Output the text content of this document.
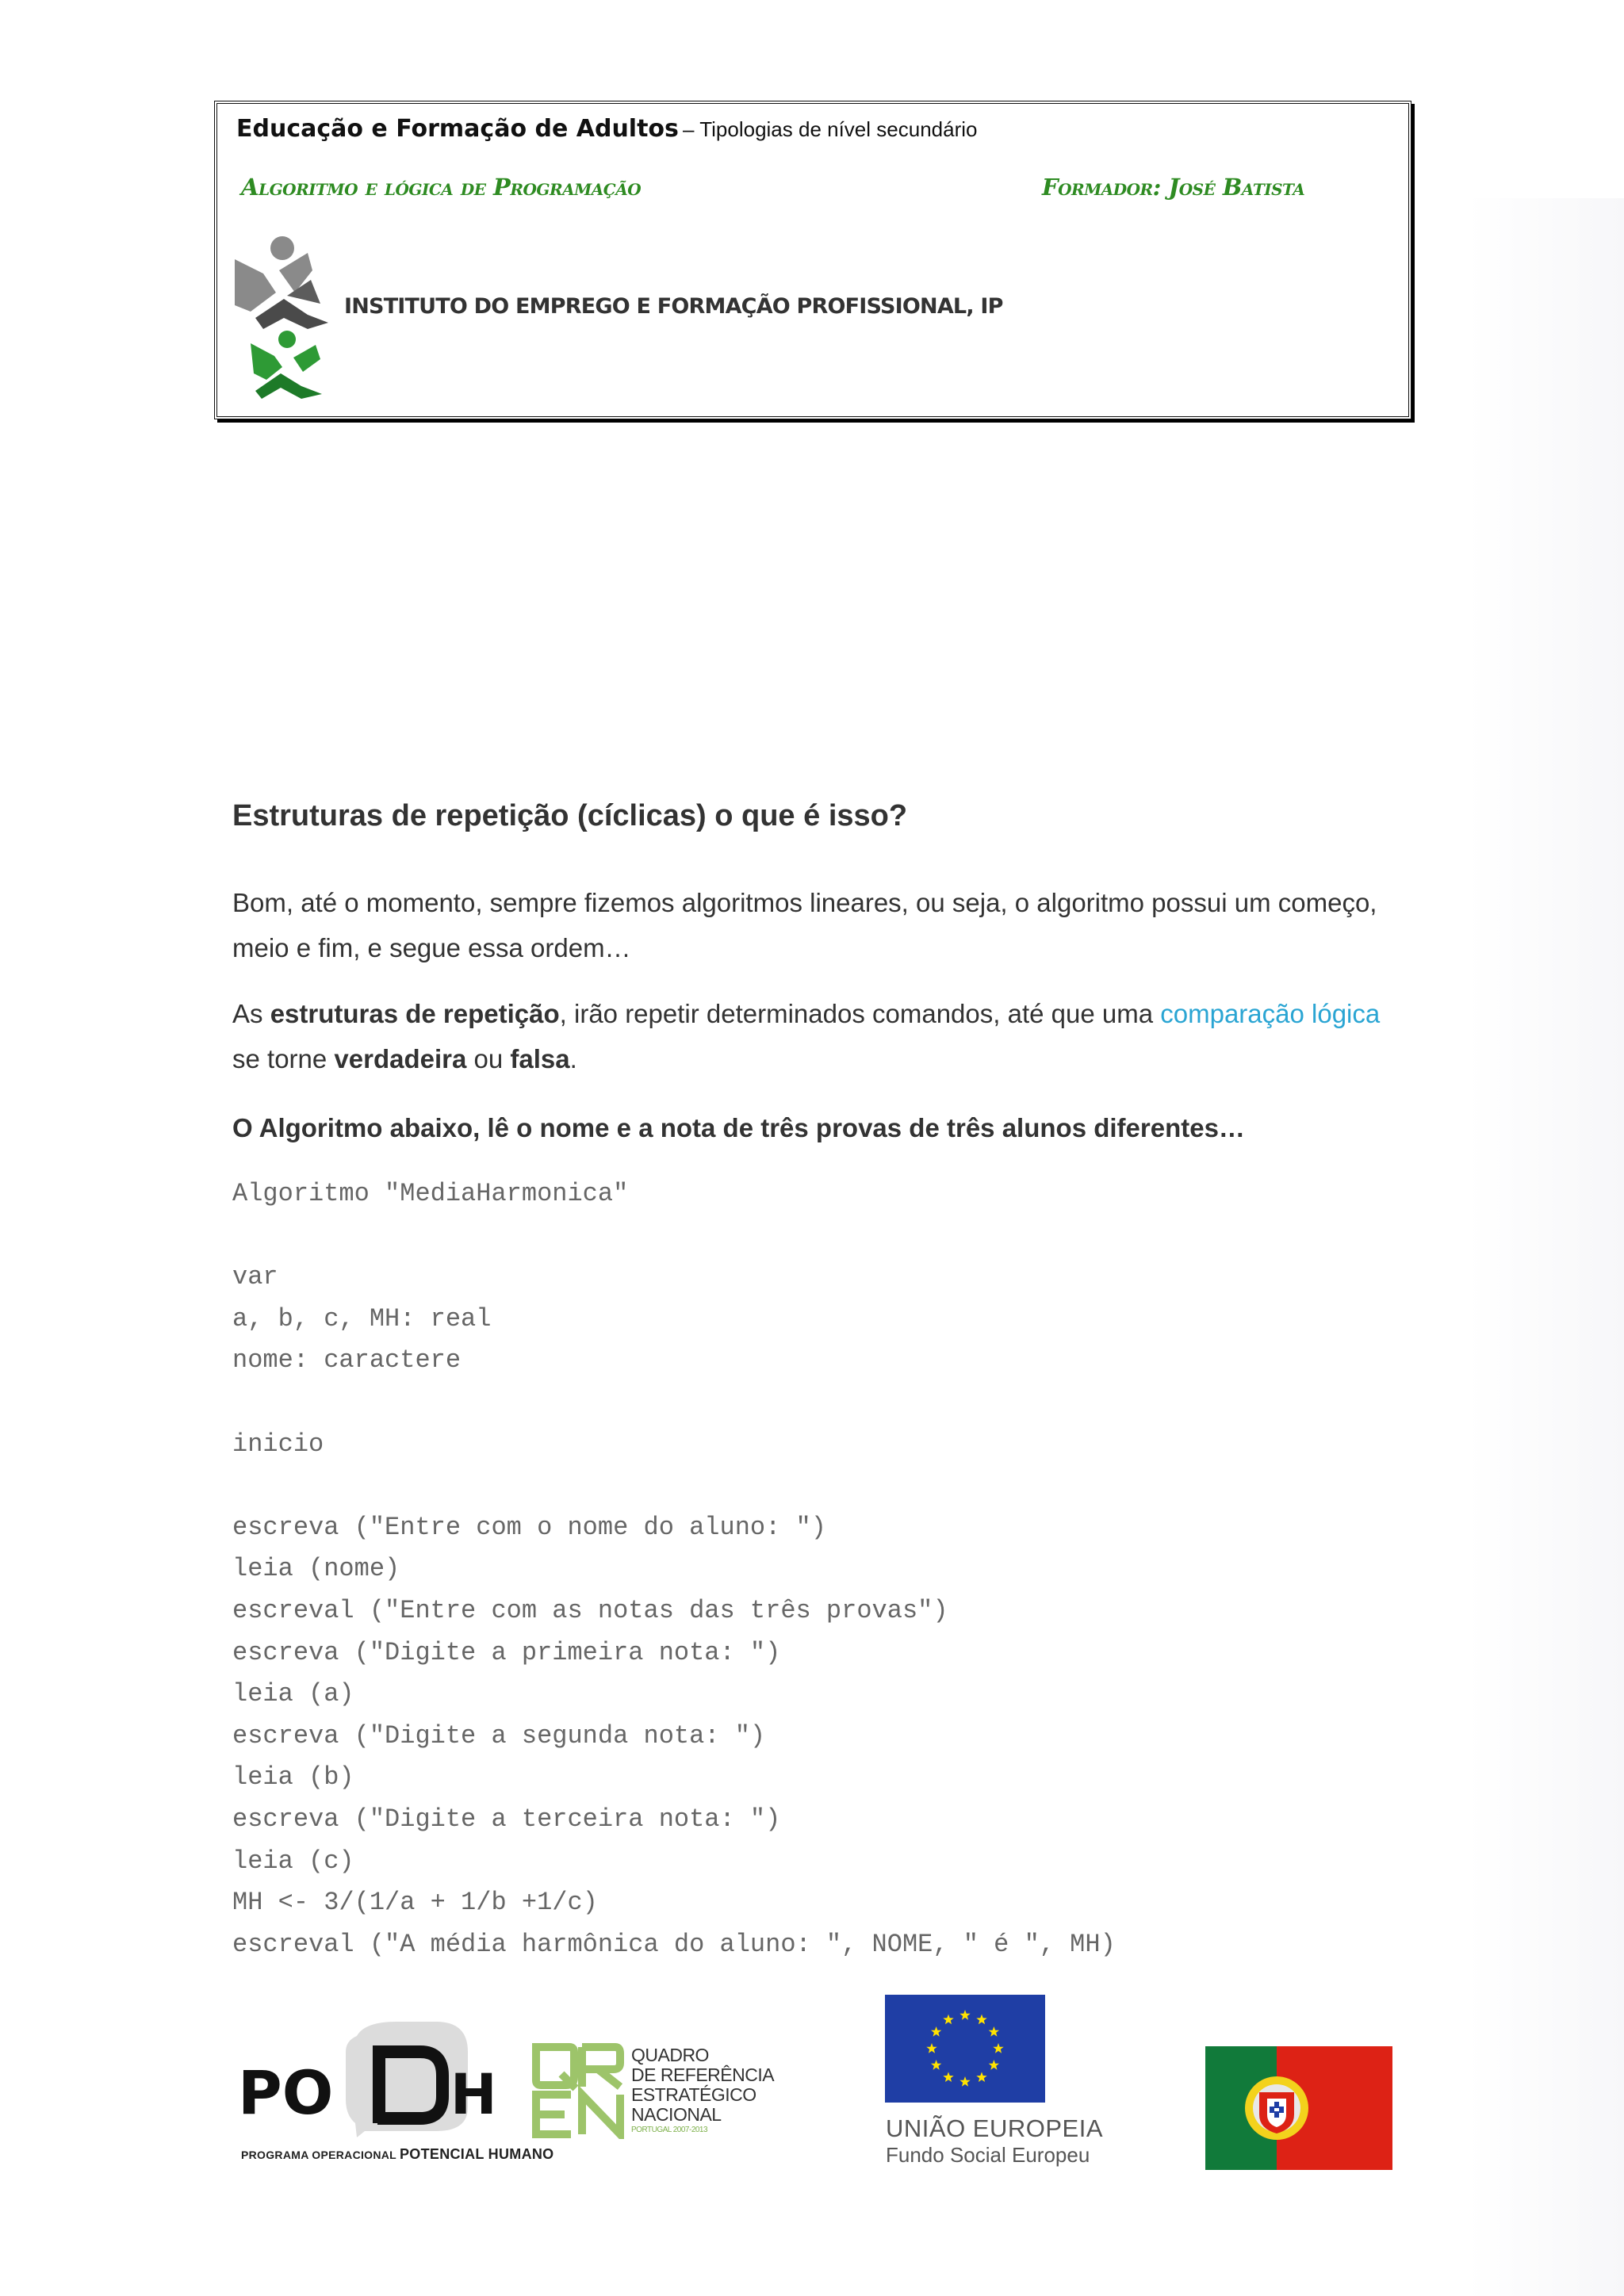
Educação e Formação de Adultos – Tipologias de nível secundário
Algoritmo e lógica de Programação	Formador: José Batista
INSTITUTO DO EMPREGO E FORMAÇÃO PROFISSIONAL, IP
Estruturas de repetição (cíclicas) o que é isso?

Bom, até o momento, sempre fizemos algoritmos lineares, ou seja, o algoritmo possui um começo, meio e fim, e segue essa ordem…

As estruturas de repetição, irão repetir determinados comandos, até que uma comparação lógica se torne verdadeira ou falsa.

O Algoritmo abaixo, lê o nome e a nota de três provas de três alunos diferentes…

Algoritmo "MediaHarmonica"
var
a, b, c, MH: real
nome: caractere
inicio
escreva ("Entre com o nome do aluno: ")
leia (nome)
escreval ("Entre com as notas das três provas")
escreva ("Digite a primeira nota: ")
leia (a)
escreva ("Digite a segunda nota: ")
leia (b)
escreva ("Digite a terceira nota: ")
leia (c)
MH <- 3/(1/a + 1/b +1/c)
escreval ("A média harmônica do aluno: ", NOME, " é ", MH)
PO H
PROGRAMA OPERACIONAL POTENCIAL HUMANO
QUADRO
DE REFERÊNCIA
ESTRATÉGICO
NACIONAL
PORTUGAL 2007-2013	UNIÃO EUROPEIA
Fundo Social Europeu
